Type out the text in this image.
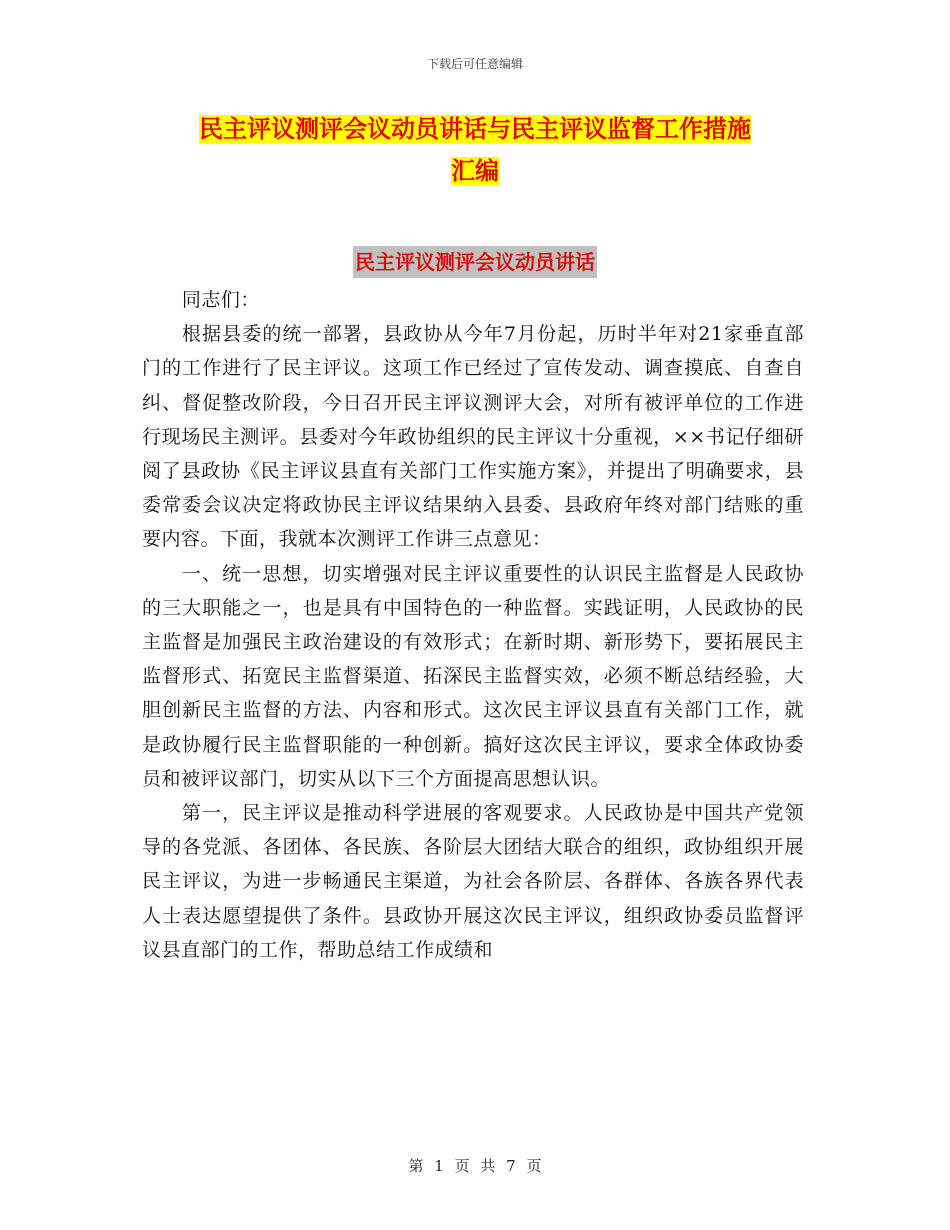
下载后可任意编辑
民主评议测评会议动员讲话与民主评议监督工作措施
汇编
民主评议测评会议动员讲话

同志们：

根据县委的统一部署，县政协从今年7月份起，历时半年对21家垂直部门的工作进行了民主评议。这项工作已经过了宣传发动、调查摸底、自查自纠、督促整改阶段，今日召开民主评议测评大会，对所有被评单位的工作进行现场民主测评。县委对今年政协组织的民主评议十分重视，××书记仔细研阅了县政协《民主评议县直有关部门工作实施方案》，并提出了明确要求，县委常委会议决定将政协民主评议结果纳入县委、县政府年终对部门结账的重要内容。下面，我就本次测评工作讲三点意见：

一、统一思想，切实增强对民主评议重要性的认识民主监督是人民政协的三大职能之一，也是具有中国特色的一种监督。实践证明，人民政协的民主监督是加强民主政治建设的有效形式；在新时期、新形势下，要拓展民主监督形式、拓宽民主监督渠道、拓深民主监督实效，必须不断总结经验，大胆创新民主监督的方法、内容和形式。这次民主评议县直有关部门工作，就是政协履行民主监督职能的一种创新。搞好这次民主评议，要求全体政协委员和被评议部门，切实从以下三个方面提高思想认识。

第一，民主评议是推动科学进展的客观要求。人民政协是中国共产党领导的各党派、各团体、各民族、各阶层大团结大联合的组织，政协组织开展民主评议，为进一步畅通民主渠道，为社会各阶层、各群体、各族各界代表人士表达愿望提供了条件。县政协开展这次民主评议，组织政协委员监督评议县直部门的工作，帮助总结工作成绩和

第 1 页 共 7 页
